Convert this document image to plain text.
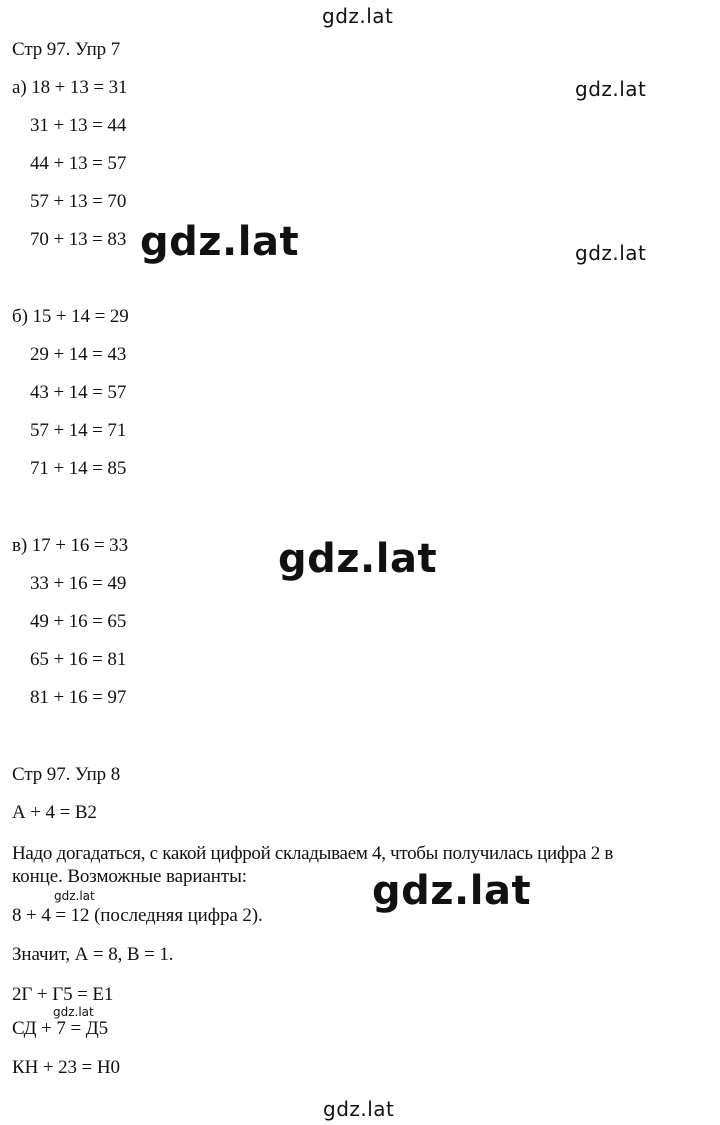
gdz.lat
gdz.lat
gdz.lat	gdz.lat
gdz.lat
gdz.lat
gdz.lat
gdz.lat
gdz.lat
Стр 97. Упр 7
а) 18 + 13 = 31
31 + 13 = 44
44 + 13 = 57
57 + 13 = 70
70 + 13 = 83
б) 15 + 14 = 29
29 + 14 = 43
43 + 14 = 57
57 + 14 = 71
71 + 14 = 85
в) 17 + 16 = 33
33 + 16 = 49
49 + 16 = 65
65 + 16 = 81
81 + 16 = 97
Стр 97. Упр 8
А + 4 = В2
Надо догадаться, с какой цифрой складываем 4, чтобы получилась цифра 2 в
конце. Возможные варианты:
8 + 4 = 12 (последняя цифра 2).
Значит, А = 8, В = 1.
2Г + Г5 = Е1
СД + 7 = Д5
КН + 23 = Н0
